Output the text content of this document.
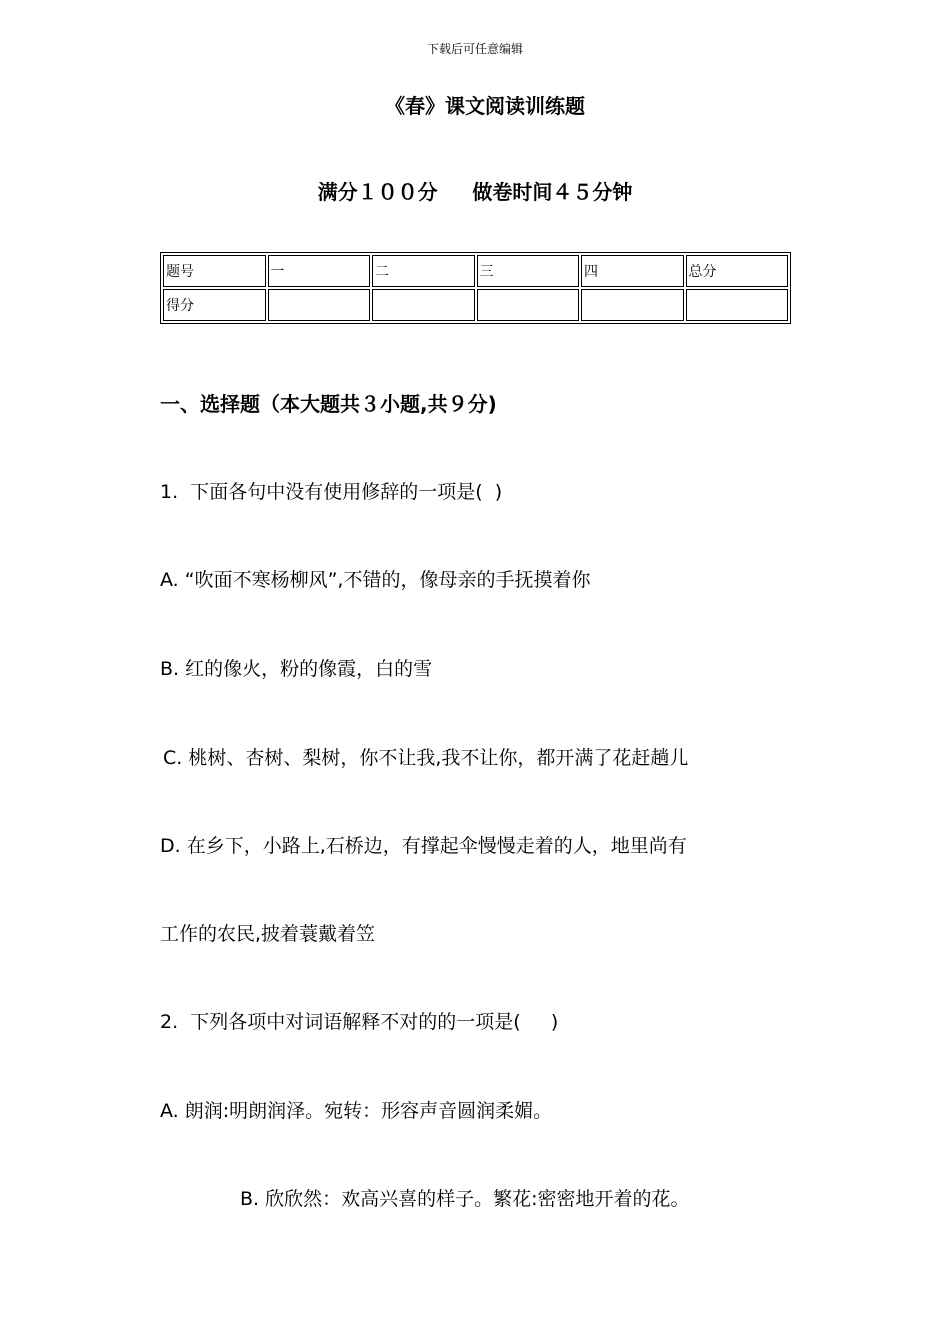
下载后可任意编辑
《春》课文阅读训练题
满分１００分     做卷时间４５分钟
题号	一	二	三	四	总分
得分					
一、选择题（本大题共３小题,共９分)
1.  下面各句中没有使用修辞的一项是(  )
A. “吹面不寒杨柳风”,不错的，像母亲的手抚摸着你
B. 红的像火，粉的像霞，白的雪
C. 桃树、杏树、梨树，你不让我,我不让你，都开满了花赶趟儿
D. 在乡下，小路上,石桥边，有撑起伞慢慢走着的人，地里尚有
工作的农民,披着蓑戴着笠
2.  下列各项中对词语解释不对的的一项是(     )
A. 朗润:明朗润泽。宛转：形容声音圆润柔媚。
B. 欣欣然：欢高兴喜的样子。繁花:密密地开着的花。
